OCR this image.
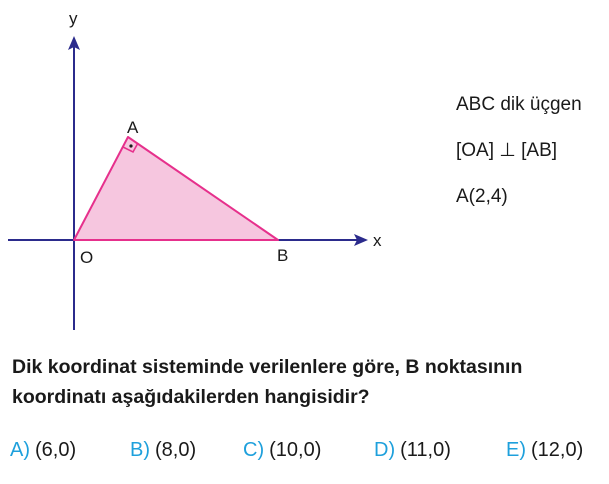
y
x
A
O	B
ABC dik üçgen
[OA] ⊥ [AB]
A(2,4)
Dik koordinat sisteminde verilenlere göre, B noktasının koordinatı aşağıdakilerden hangisidir?
A) (6,0)	B) (8,0) C) (10,0)	D) (11,0)	E) (12,0)
